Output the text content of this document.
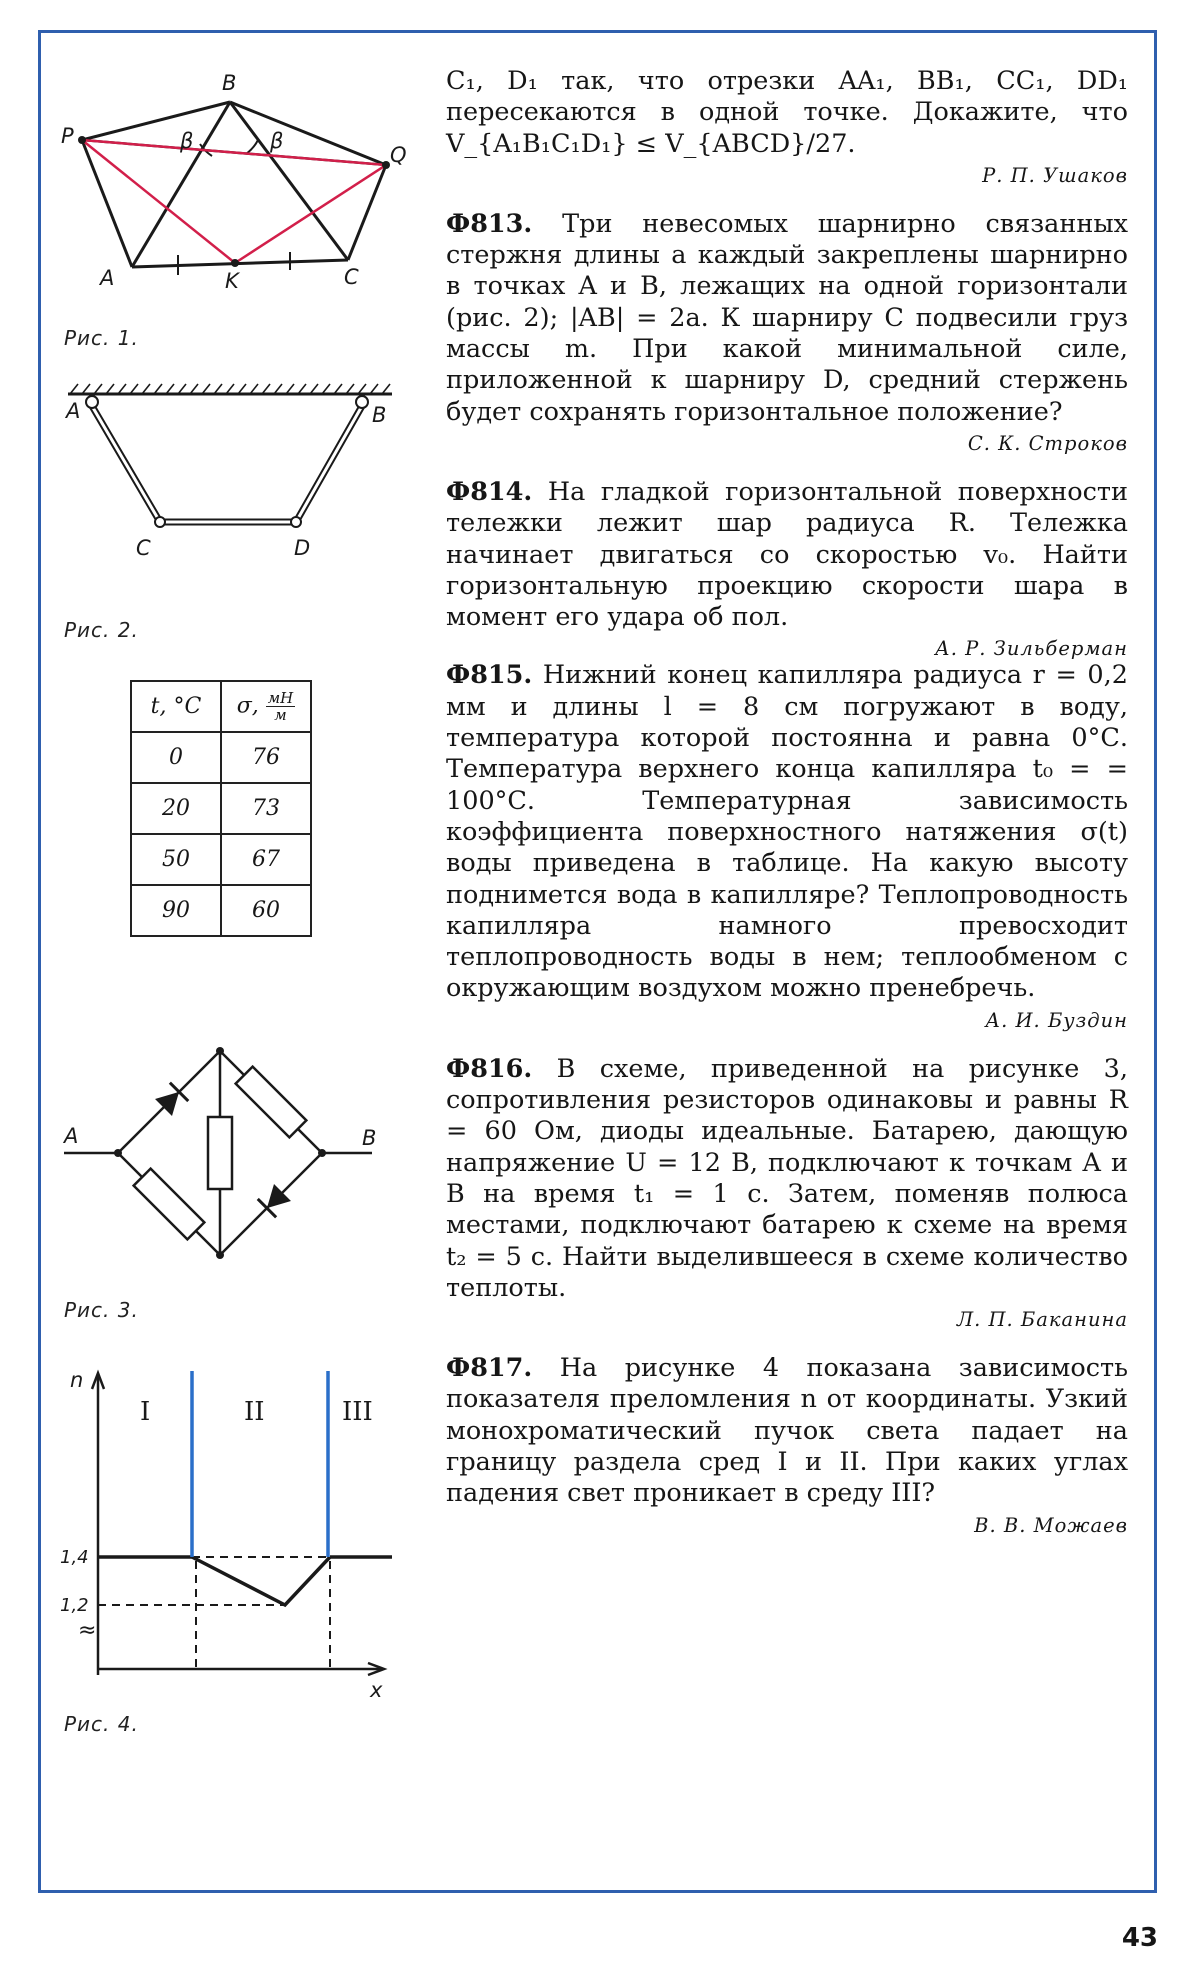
P
Q
B
A	K	C
β	β
Рис. 1.
A	B
C	D
Рис. 2.
t, °C	σ, $\frac{мН}{м}$

0	76
20	73
50	67
90	60
A	B
Рис. 3.
n
x
1,4
1,2
≈
I	II	III
Рис. 4.

C₁, D₁ так, что отрезки AA₁, BB₁, CC₁, DD₁ пересекаются в одной точке. Докажите, что V_{A₁B₁C₁D₁} ≤ V_{ABCD}/27.

Р. П. Ушаков

Ф813. Три невесомых шарнирно связанных стержня длины a каждый закреплены шарнирно в точках A и B, лежащих на одной горизонтали (рис. 2); |AB| = 2a. К шарниру C подвесили груз массы m. При какой минимальной силе, приложенной к шарниру D, средний стержень будет сохранять горизонтальное положение?

С. К. Строков

Ф814. На гладкой горизонтальной поверхности тележки лежит шар радиуса R. Тележка начинает двигаться со скоростью v₀. Найти горизонтальную проекцию скорости шара в момент его удара об пол.

А. Р. Зильберман

Ф815. Нижний конец капилляра радиуса r = 0,2 мм и длины l = 8 см погружают в воду, температура которой постоянна и равна 0°С. Температура верхнего конца капилляра t₀ = = 100°С. Температурная зависимость коэффициента поверхностного натяжения σ(t) воды приведена в таблице. На какую высоту поднимется вода в капилляре? Теплопроводность капилляра намного превосходит теплопроводность воды в нем; теплообменом с окружающим воздухом можно пренебречь.

А. И. Буздин

Ф816. В схеме, приведенной на рисунке 3, сопротивления резисторов одинаковы и равны R = 60 Ом, диоды идеальные. Батарею, дающую напряжение U = 12 В, подключают к точкам A и B на время t₁ = 1 с. Затем, поменяв полюса местами, подключают батарею к схеме на время t₂ = 5 с. Найти выделившееся в схеме количество теплоты.

Л. П. Баканина

Ф817. На рисунке 4 показана зависимость показателя преломления n от координаты. Узкий монохроматический пучок света падает на границу раздела сред I и II. При каких углах падения свет проникает в среду III?

В. В. Можаев

43
